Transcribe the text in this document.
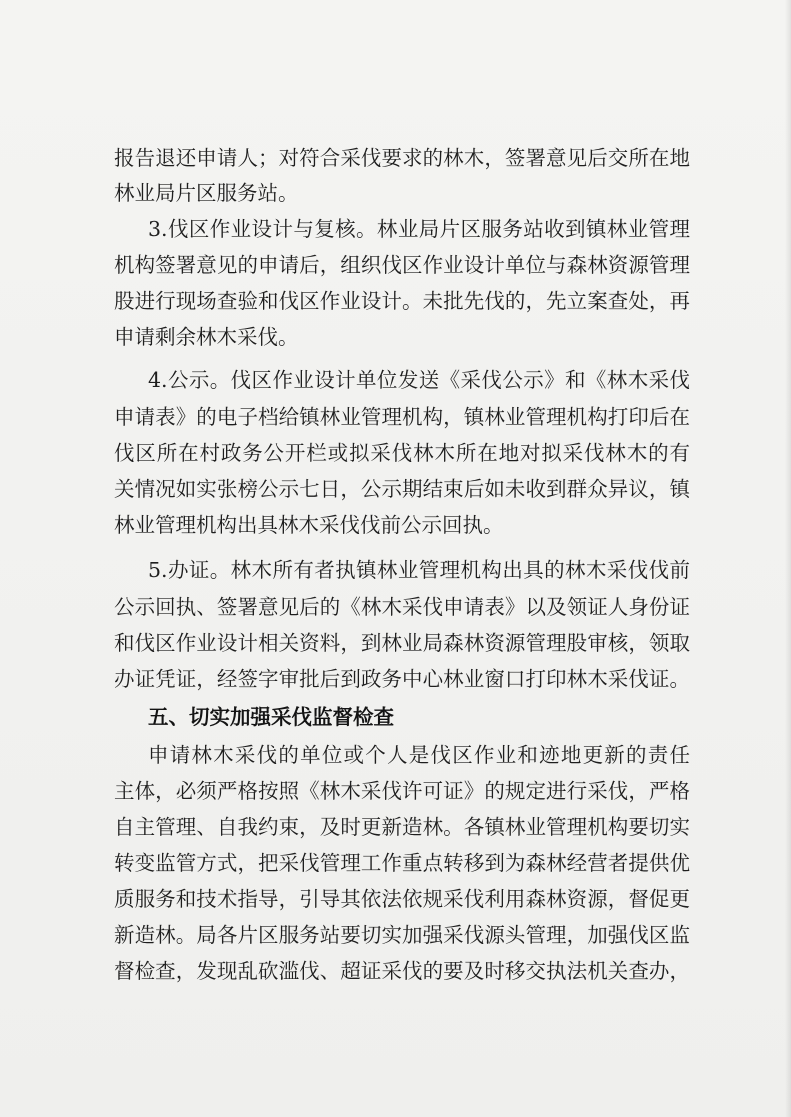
报告退还申请人；对符合采伐要求的林木，签署意见后交所在地
林业局片区服务站。
3.伐区作业设计与复核。林业局片区服务站收到镇林业管理
机构签署意见的申请后，组织伐区作业设计单位与森林资源管理
股进行现场查验和伐区作业设计。未批先伐的，先立案查处，再
申请剩余林木采伐。
4.公示。伐区作业设计单位发送《采伐公示》和《林木采伐
申请表》的电子档给镇林业管理机构，镇林业管理机构打印后在
伐区所在村政务公开栏或拟采伐林木所在地对拟采伐林木的有
关情况如实张榜公示七日，公示期结束后如未收到群众异议，镇
林业管理机构出具林木采伐伐前公示回执。
5.办证。林木所有者执镇林业管理机构出具的林木采伐伐前
公示回执、签署意见后的《林木采伐申请表》以及领证人身份证
和伐区作业设计相关资料，到林业局森林资源管理股审核，领取
办证凭证，经签字审批后到政务中心林业窗口打印林木采伐证。
五、切实加强采伐监督检查
申请林木采伐的单位或个人是伐区作业和迹地更新的责任
主体，必须严格按照《林木采伐许可证》的规定进行采伐，严格
自主管理、自我约束，及时更新造林。各镇林业管理机构要切实
转变监管方式，把采伐管理工作重点转移到为森林经营者提供优
质服务和技术指导，引导其依法依规采伐利用森林资源，督促更
新造林。局各片区服务站要切实加强采伐源头管理，加强伐区监
督检查，发现乱砍滥伐、超证采伐的要及时移交执法机关查办，
